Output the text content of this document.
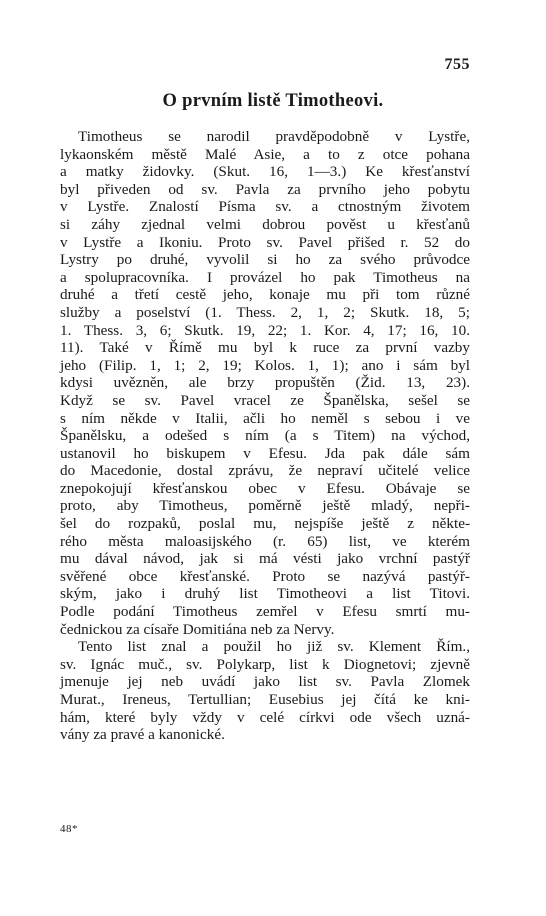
755
O prvním listě Timotheovi.
Timotheus se narodil pravděpodobně v Lystře,
lykaonském městě Malé Asie, a to z otce pohana
a matky židovky. (Skut. 16, 1—3.) Ke křesťanství
byl přiveden od sv. Pavla za prvního jeho pobytu
v Lystře. Znalostí Písma sv. a ctnostným životem
si záhy zjednal velmi dobrou pověst u křesťanů
v Lystře a Ikoniu. Proto sv. Pavel přišed r. 52 do
Lystry po druhé, vyvolil si ho za svého průvodce
a spolupracovníka. I provázel ho pak Timotheus na
druhé a třetí cestě jeho, konaje mu při tom různé
služby a poselství (1. Thess. 2, 1, 2; Skutk. 18, 5;
1. Thess. 3, 6; Skutk. 19, 22; 1. Kor. 4, 17; 16, 10.
11). Také v Římě mu byl k ruce za první vazby
jeho (Filip. 1, 1; 2, 19; Kolos. 1, 1); ano i sám byl
kdysi uvězněn, ale brzy propuštěn (Žid. 13, 23).
Když se sv. Pavel vracel ze Španělska, sešel se
s ním někde v Italii, ačli ho neměl s sebou i ve
Španělsku, a odešed s ním (a s Titem) na východ,
ustanovil ho biskupem v Efesu. Jda pak dále sám
do Macedonie, dostal zprávu, že nepraví učitelé velice
znepokojují křesťanskou obec v Efesu. Obávaje se
proto, aby Timotheus, poměrně ještě mladý, nepři-
šel do rozpaků, poslal mu, nejspíše ještě z někte-
rého města maloasijského (r. 65) list, ve kterém
mu dával návod, jak si má vésti jako vrchní pastýř
svěřené obce křesťanské. Proto se nazývá pastýř-
ským, jako i druhý list Timotheovi a list Titovi.
Podle podání Timotheus zemřel v Efesu smrtí mu-
čednickou za císaře Domitiána neb za Nervy.
Tento list znal a použil ho již sv. Klement Řím.,
sv. Ignác muč., sv. Polykarp, list k Diognetovi; zjevně
jmenuje jej neb uvádí jako list sv. Pavla Zlomek
Murat., Ireneus, Tertullian; Eusebius jej čítá ke kni-
hám, které byly vždy v celé církvi ode všech uzná-
vány za pravé a kanonické.
48*
